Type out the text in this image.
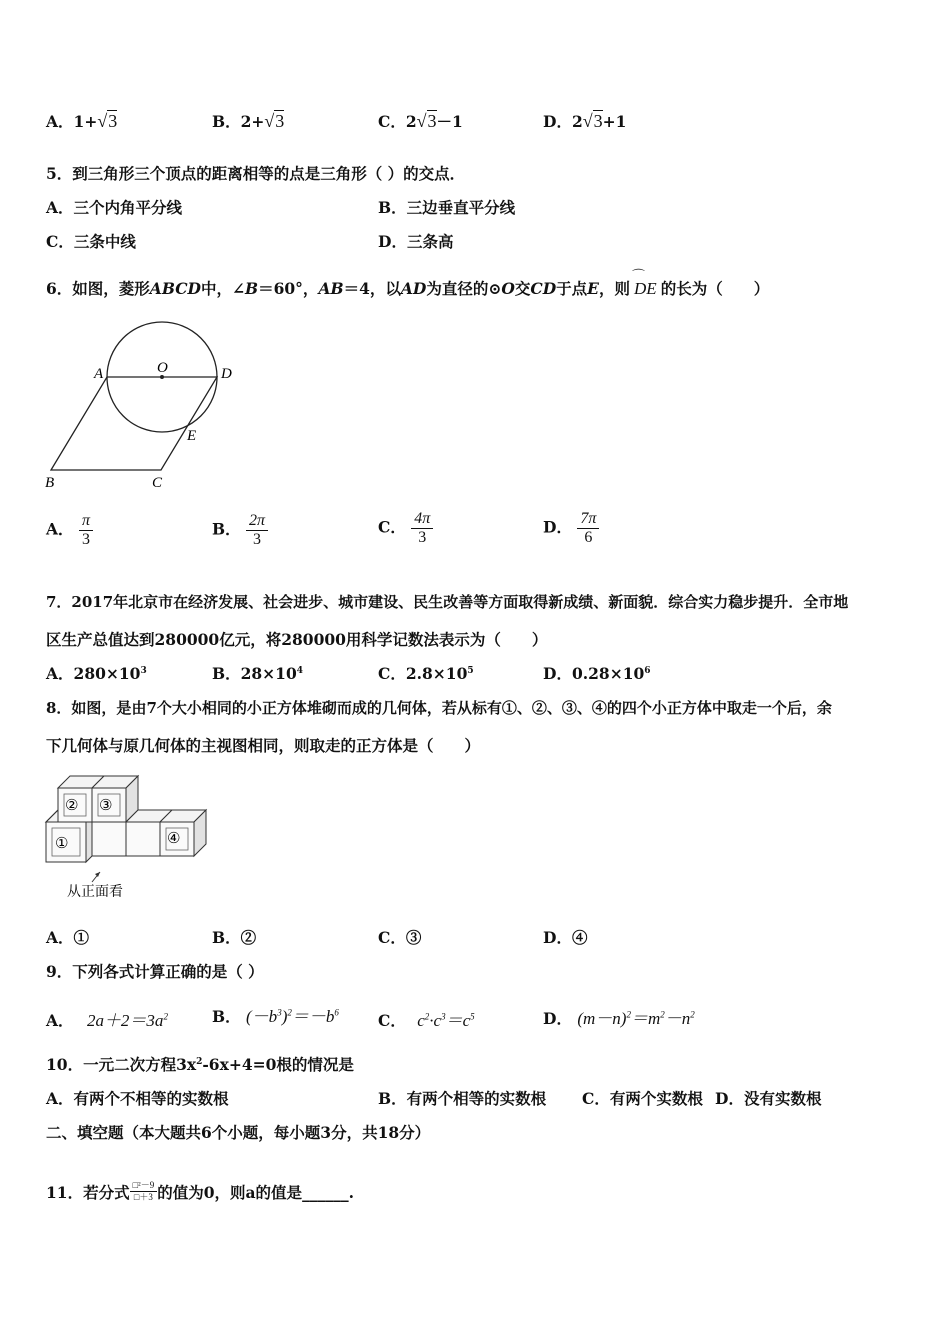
A．1+√3	B．2+√3	C．2√3－1	D．2√3+1
5．到三角形三个顶点的距离相等的点是三角形（ ）的交点．
A．三个内角平分线	B．三边垂直平分线
C．三条中线	D．三条高
6．如图，菱形ABCD中，∠B＝60°，AB＝4，以AD为直径的⊙O交CD于点E，则
⌒
DE 的长为（　　）
A	O	D
E
B	C
A． $\frac{\pi}{3}$	B． $\frac{2\pi}{3}$	C． $\frac{4\pi}{3}$	D． $\frac{7\pi}{6}$
7．2017年北京市在经济发展、社会进步、城市建设、民生改善等方面取得新成绩、新面貌．综合实力稳步提升．全市地
区生产总值达到280000亿元，将280000用科学记数法表示为（　　）
A．$280\times 10^3$	B．$28\times 10^4$	C．$2.8\times 10^5$	D．$0.28\times 10^6$
8．如图，是由7个大小相同的小正方体堆砌而成的几何体，若从标有①、②、③、④的四个小正方体中取走一个后，余
下几何体与原几何体的主视图相同，则取走的正方体是（　　）
② ③
①	④
从正面看
A．①	B．②	C．③	D．④
9．下列各式计算正确的是（ ）
A． $2a+2=3a^2$	B． $(-b^3)^2=-b^6$	C． $c^2\cdot c^3=c^5$	D． $(m-n)^2=m^2-n^2$
10．一元二次方程$3x^2-6x+4=0$根的情况是
A．有两个不相等的实数根	B．有两个相等的实数根 C．有两个实数根 D．没有实数根
二、填空题（本大题共6个小题，每小题3分，共18分）
11．若分式 $\frac{\text{□²－9}}{□+3}$ 的值为0，则a的值是______.
